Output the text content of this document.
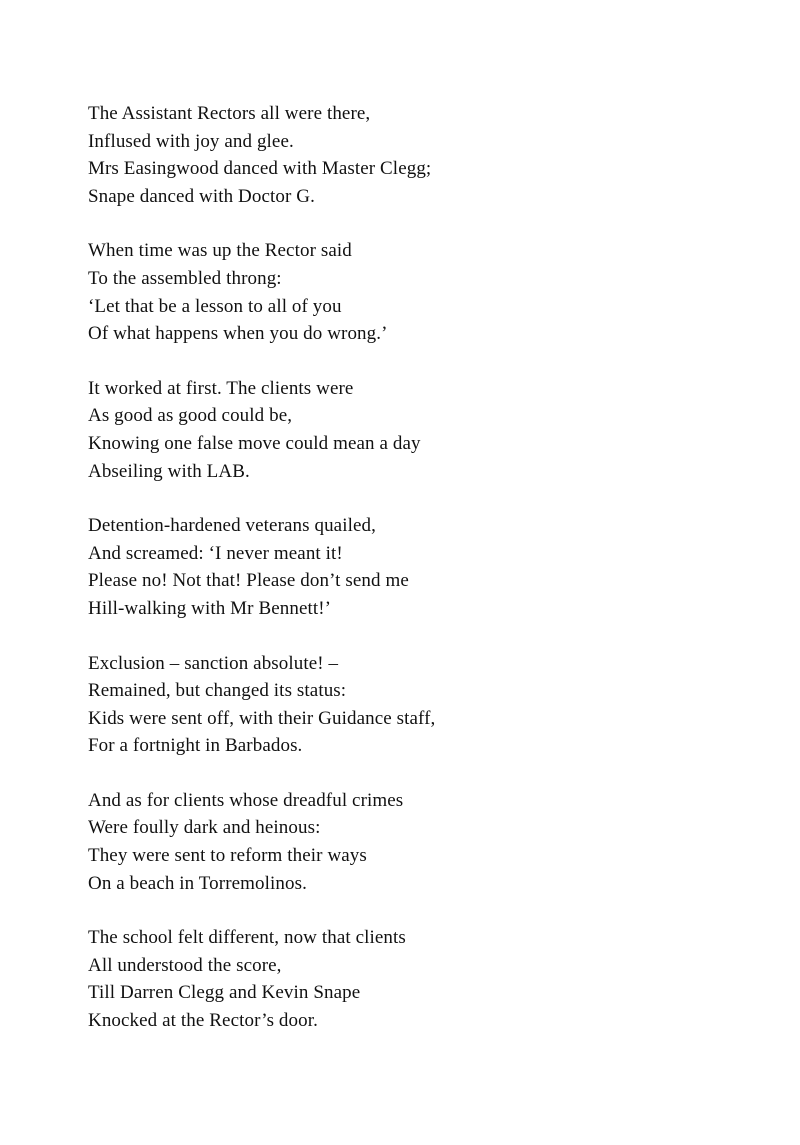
The Assistant Rectors all were there,
Inflused with joy and glee.
Mrs Easingwood danced with Master Clegg;
Snape danced with Doctor G.
When time was up the Rector said
To the assembled throng:
‘Let that be a lesson to all of you
Of what happens when you do wrong.’
It worked at first. The clients were
As good as good could be,
Knowing one false move could mean a day
Abseiling with LAB.
Detention-hardened veterans quailed,
And screamed: ‘I never meant it!
Please no! Not that! Please don’t send me
Hill-walking with Mr Bennett!’
Exclusion – sanction absolute! –
Remained, but changed its status:
Kids were sent off, with their Guidance staff,
For a fortnight in Barbados.
And as for clients whose dreadful crimes
Were foully dark and heinous:
They were sent to reform their ways
On a beach in Torremolinos.
The school felt different, now that clients
All understood the score,
Till Darren Clegg and Kevin Snape
Knocked at the Rector’s door.
